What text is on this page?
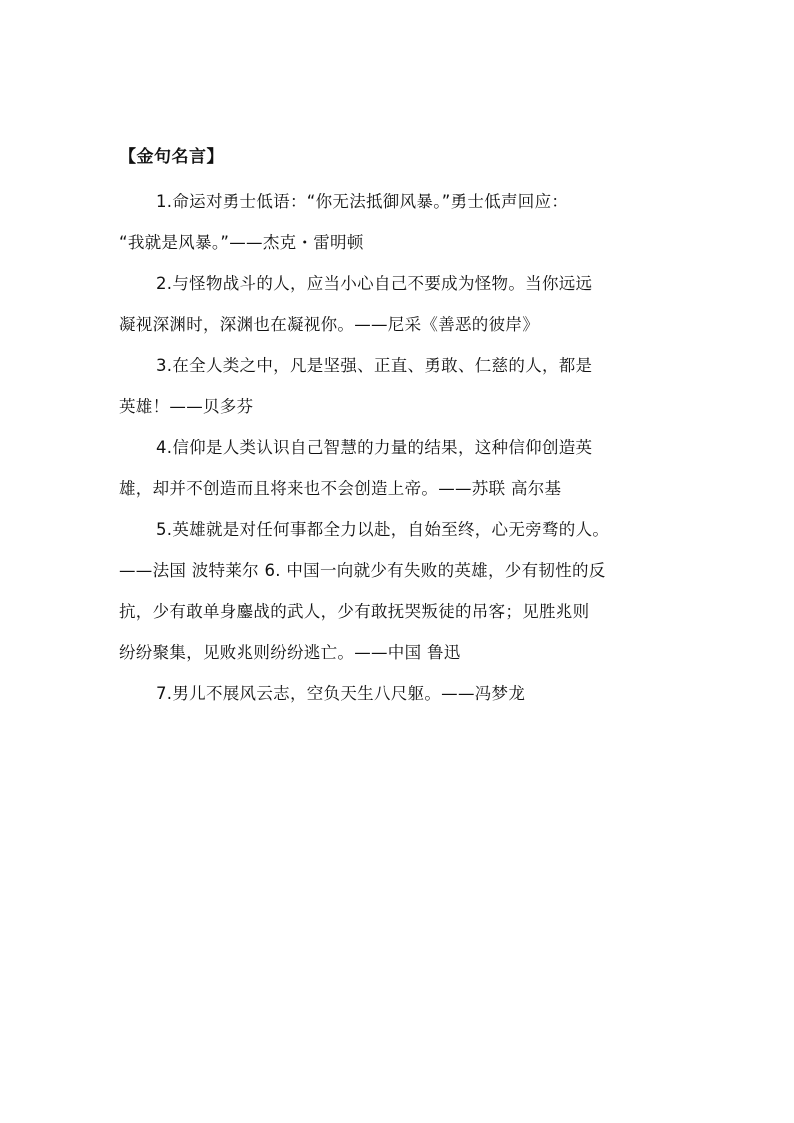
【金句名言】
1.命运对勇士低语：“你无法抵御风暴。”勇士低声回应：
“我就是风暴。”——杰克・雷明顿
2.与怪物战斗的人，应当小心自己不要成为怪物。当你远远
凝视深渊时，深渊也在凝视你。——尼采《善恶的彼岸》
3.在全人类之中，凡是坚强、正直、勇敢、仁慈的人，都是
英雄！——贝多芬
4.信仰是人类认识自己智慧的力量的结果，这种信仰创造英
雄，却并不创造而且将来也不会创造上帝。——苏联 高尔基
5.英雄就是对任何事都全力以赴，自始至终，心无旁骛的人。
——法国 波特莱尔 6. 中国一向就少有失败的英雄，少有韧性的反
抗，少有敢单身鏖战的武人，少有敢抚哭叛徒的吊客；见胜兆则
纷纷聚集，见败兆则纷纷逃亡。——中国 鲁迅
7.男儿不展风云志，空负天生八尺躯。——冯梦龙
